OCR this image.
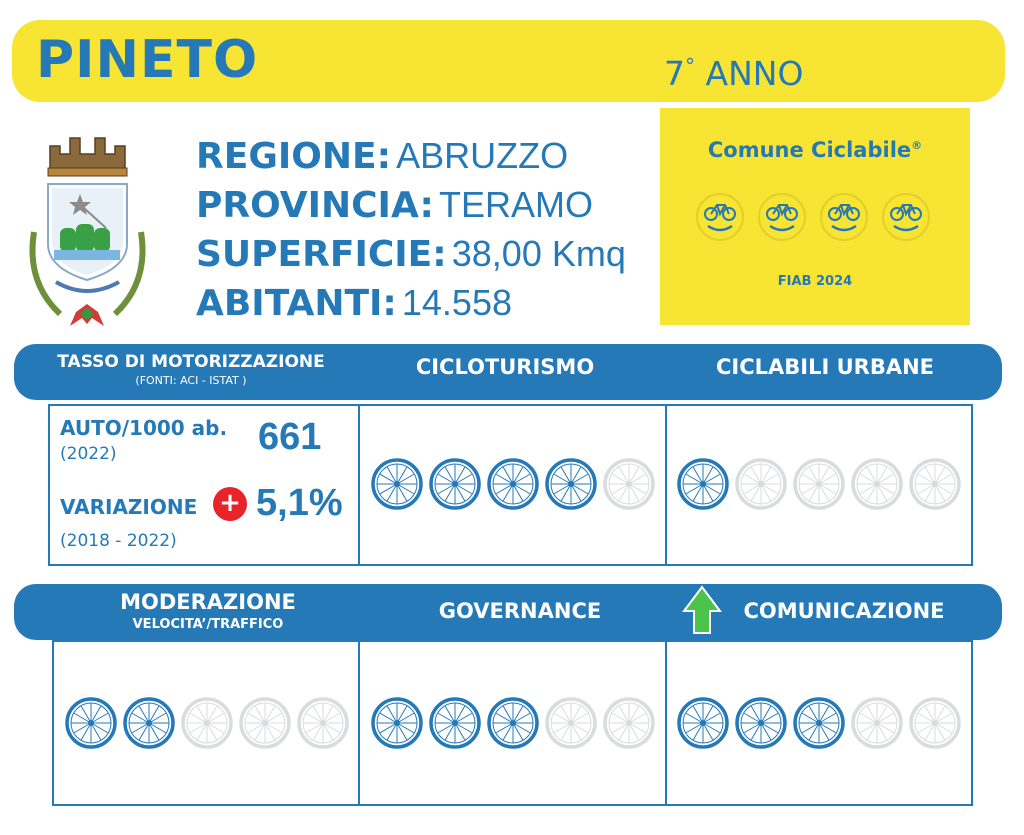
PINETO	7° ANNO
REGIONE: ABRUZZO
PROVINCIA: TERAMO
SUPERFICIE: 38,00 Kmq
ABITANTI: 14.558
Comune Ciclabile®
FIAB 2024
TASSO DI MOTORIZZAZIONE
(FONTI: ACI - ISTAT )
CICLOTURISMO	CICLABILI URBANE
AUTO/1000 ab.
(2022)	661
VARIAZIONE + 5,1%
(2018 - 2022)
MODERAZIONE
VELOCITA’/TRAFFICO
GOVERNANCE	COMUNICAZIONE
